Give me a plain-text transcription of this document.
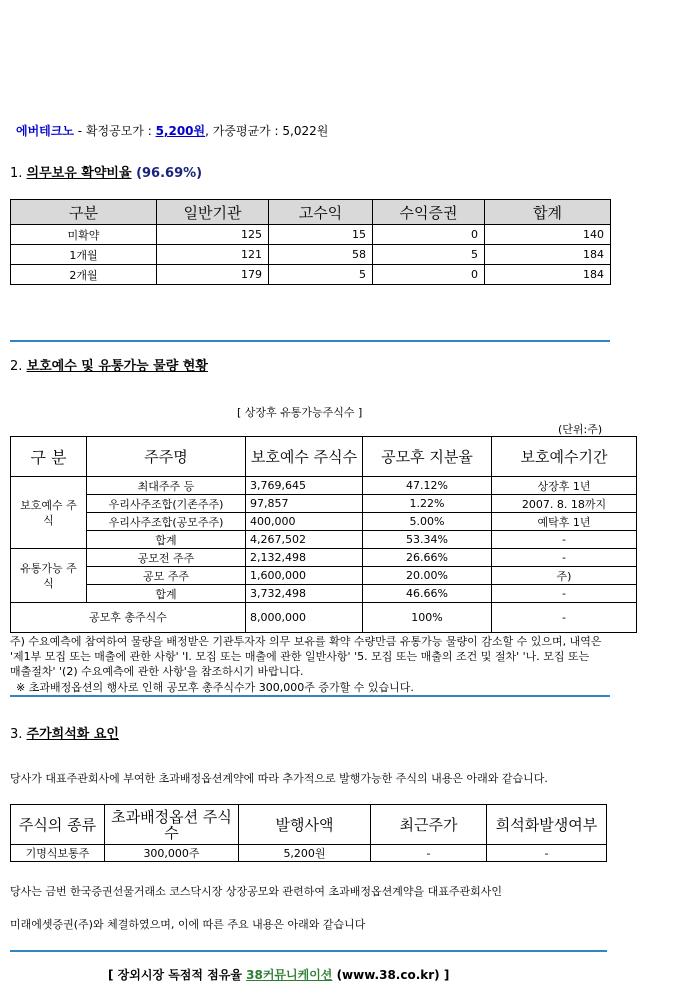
에버테크노 - 확정공모가 : 5,200원, 가중평균가 : 5,022원
1. 의무보유 확약비율 (96.69%)
구분	일반기관	고수익	수익증권	합계
미확약	125	15	0	140
1개월	121	58	5	184
2개월	179	5	0	184
2. 보호예수 및 유통가능 물량 현황
[ 상장후 유통가능주식수 ]
(단위:주)
구 분	주주명	보호예수 주식수	공모후 지분율	보호예수기간
보호예수 주식	최대주주 등	3,769,645	47.12%	상장후 1년
	우리사주조합(기존주주)	97,857	1.22%	2007. 8. 18까지
	우리사주조합(공모주주)	400,000	5.00%	예탁후 1년
	합계	4,267,502	53.34%	-
유통가능 주식	공모전 주주	2,132,498	26.66%	-
	공모 주주	1,600,000	20.00%	주)
	합계	3,732,498	46.66%	-
공모후 총주식수		8,000,000	100%	-
주) 수요예측에 참여하여 물량을 배정받은 기관투자자 의무 보유를 확약 수량만큼 유통가능 물량이 감소할 수 있으며, 내역은 '제1부 모집 또는 매출에 관한 사항' 'Ⅰ. 모집 또는 매출에 관한 일반사항' '5. 모집 또는 매출의 조건 및 절차' '나. 모집 또는 매출절차' '(2) 수요예측에 관한 사항'을 참조하시기 바랍니다.
※ 초과배정옵션의 행사로 인해 공모후 총주식수가 300,000주 증가할 수 있습니다.
3. 주가희석화 요인
당사가 대표주관회사에 부여한 초과배정옵션계약에 따라 추가적으로 발행가능한 주식의 내용은 아래와 같습니다.
주식의 종류	초과배정옵션 주식수	발행사액	최근주가	희석화발생여부
기명식보통주	300,000주	5,200원	-	-
당사는 금번 한국증권선물거래소 코스닥시장 상장공모와 관련하여 초과배정옵션계약을 대표주관회사인
미래에셋증권(주)와 체결하였으며, 이에 따른 주요 내용은 아래와 같습니다
[ 장외시장 독점적 점유율 38커뮤니케이션 (www.38.co.kr) ]
